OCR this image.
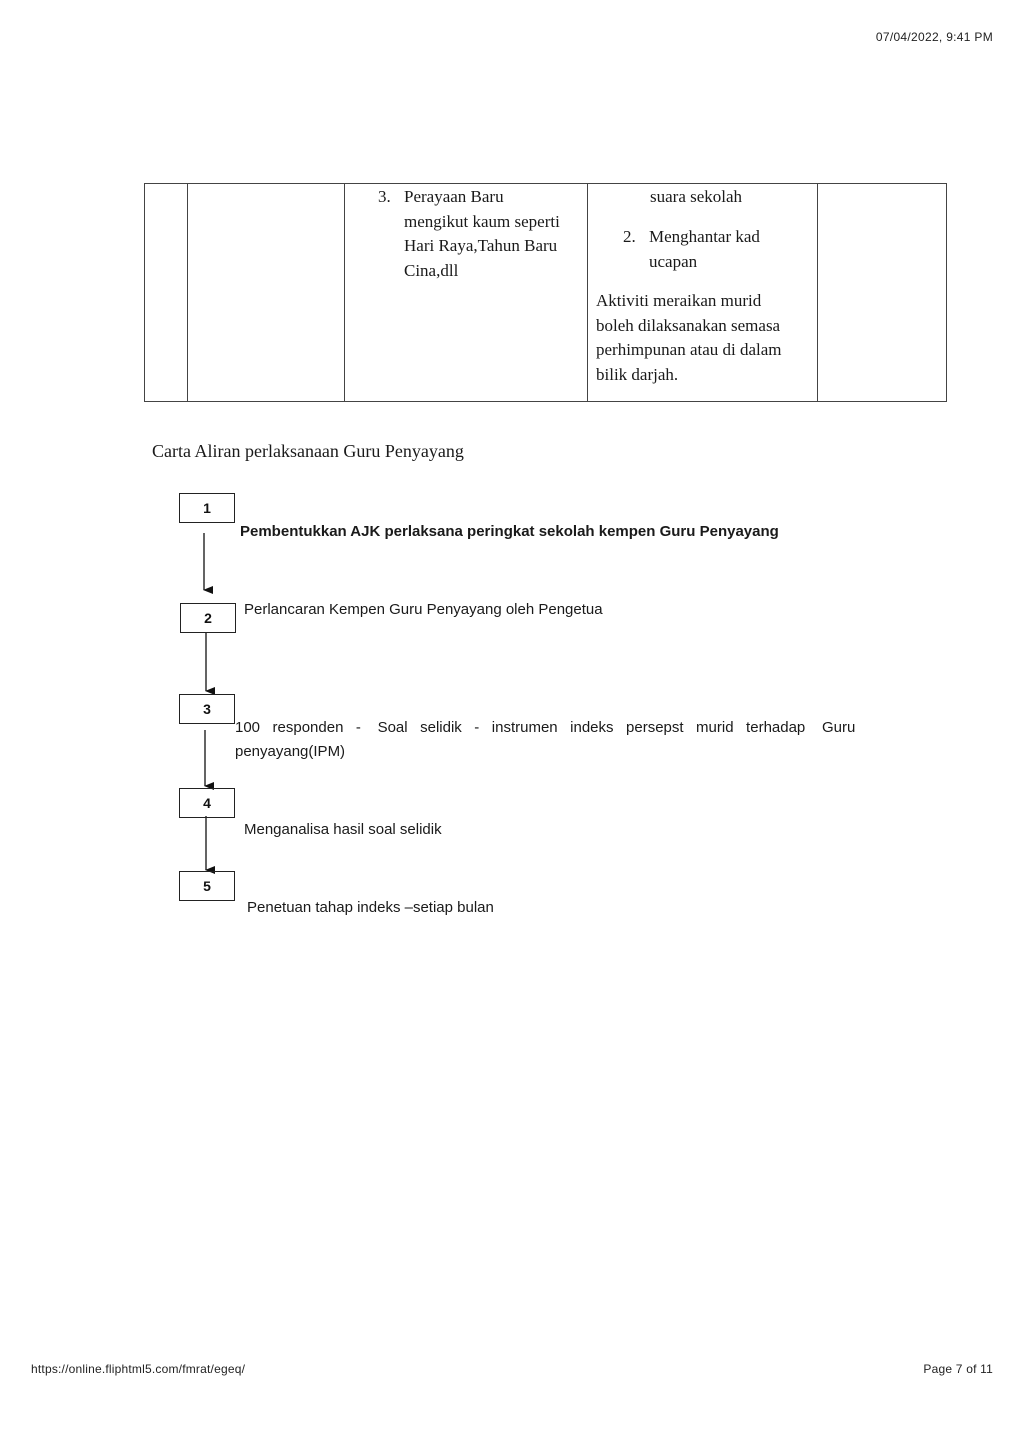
07/04/2022, 9:41 PM
https://online.fliphtml5.com/fmrat/egeq/	Page 7 of 11
3. Perayaan Baru
mengikut kaum seperti
Hari Raya,Tahun Baru
Cina,dll
suara sekolah
2. Menghantar kad
ucapan
Aktiviti meraikan murid
boleh dilaksanakan semasa
perhimpunan atau di dalam
bilik darjah.
Carta Aliran perlaksanaan Guru Penyayang
1
Pembentukkan AJK perlaksana peringkat sekolah kempen Guru Penyayang
2	Perlancaran Kempen Guru Penyayang oleh Pengetua
3
100   responden   -    Soal   selidik   -   instrumen   indeks   persepst   murid   terhadap    Guru
penyayang(IPM)
4
Menganalisa hasil soal selidik
5
Penetuan tahap indeks –setiap bulan
